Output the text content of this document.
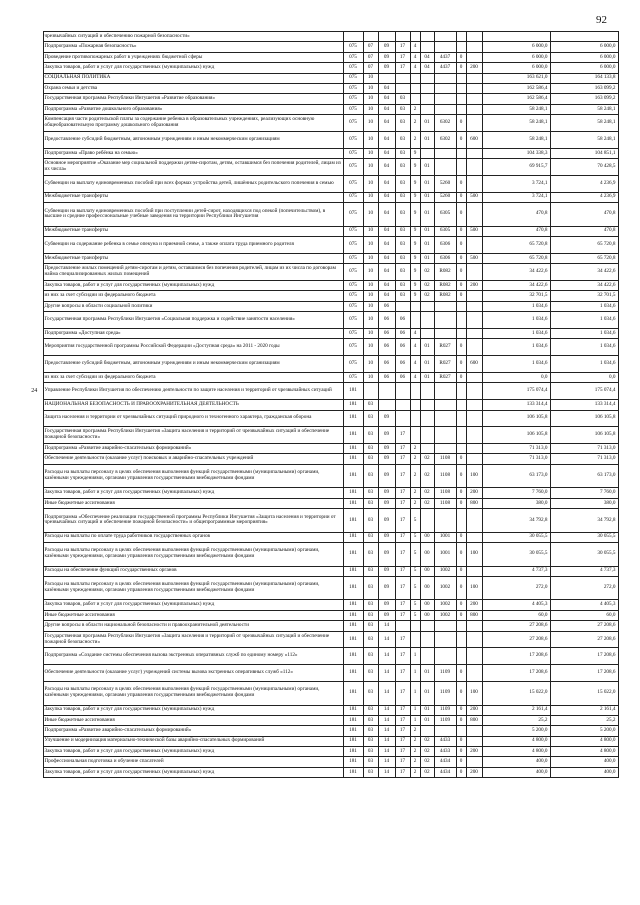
92
	чрезвычайных ситуаций и обеспечению пожарной безопасности»											
	Подпрограмма «Пожарная безопасность»	075	07	09	17	4					6 000,0	6 000,0
	Проведение противопожарных работ в учреждениях бюджетной сферы	075	07	09	17	4	04	4437	0		6 000,0	6 000,0
	Закупка товаров, работ и услуг для государственных (муниципальных) нужд	075	07	09	17	4	04	4437	0	200	6 000,0	6 000,0
	СОЦИАЛЬНАЯ ПОЛИТИКА	075	10								163 621,0	164 133,8
	Охрана семьи и детства	075	10	04							162 586,4	163 099,2
	Государственная программа Республики Ингушетия «Развитие образования»	075	10	04	03						162 586,4	163 099,2
	Подпрограмма «Развитие дошкольного образования»	075	10	04	03	2					58 248,1	58 248,1
	Компенсация части родительской платы за содержание ребенка в образовательных учреждениях, реализующих основную общеобразовательную программу дошкольного образования	075	10	04	03	2	01	6302	0		58 248,1	58 248,1
	Предоставление субсидий бюджетным, автономным учреждениям и иным некоммерческим организациям	075	10	04	03	2	01	6302	0	600	58 248,1	58 248,1
	Подпрограмма «Право ребёнка на семью»	075	10	04	03	9					104 338,3	104 851,1
	Основное мероприятие «Оказание мер социальной поддержки детям-сиротам, детям, оставшимся без попечения родителей, лицам из их числа»	075	10	04	03	9	01				69 915,7	70 428,5
	Субвенции на выплату единовременных пособий при всех формах устройства детей, лишённых родительского попечения в семью	075	10	04	03	9	01	5260	0		3 724,1	4 236,9
	Межбюджетные трансферты	075	10	04	03	9	01	5260	0	500	3 724,1	4 236,9
	Субвенции на выплату единовременных пособий при поступлении детей-сирот, находящихся под опекой (попечительством), в высшие и средние профессиональные учебные заведения на территории Республики Ингушетия	075	10	04	03	9	01	6305	0		470,8	470,8
	Межбюджетные трансферты	075	10	04	03	9	01	6305	0	500	470,8	470,8
	Субвенции на содержание ребенка в семье опекуна и приемной семье, а также оплата труда приемного родителя	075	10	04	03	9	01	6306	0		65 720,8	65 720,8
	Межбюджетные трансферты	075	10	04	03	9	01	6306	0	500	65 720,8	65 720,8
	Предоставление жилых помещений детям-сиротам и детям, оставшимся без попечения родителей, лицам из их числа по договорам найма специализированных жилых помещений	075	10	04	03	9	02	R082	0		34 422,6	34 422,6
	Закупка товаров, работ и услуг для государственных (муниципальных) нужд	075	10	04	03	9	02	R082	0	200	34 422,6	34 422,6
	из них за счет субсидии из федерального бюджета	075	10	04	03	9	02	R082	0		32 701,5	32 701,5
	Другие вопросы в области социальной политики	075	10	06							1 034,6	1 034,6
	Государственная программа Республики Ингушетия «Социальная поддержка и содействие занятости населения»	075	10	06	06						1 034,6	1 034,6
	Подпрограмма «Доступная среда»	075	10	06	06	4					1 034,6	1 034,6
	Мероприятия государственной программы Российской Федерации «Доступная среда» на 2011 - 2020 годы	075	10	06	06	4	01	R027	0		1 034,6	1 034,6
	Предоставление субсидий бюджетным, автономным учреждениям и иным некоммерческим организациям	075	10	06	06	4	01	R027	0	600	1 034,6	1 034,6
	из них за счет субсидии из федерального бюджета	075	10	06	06	4	01	R027	0		0,0	0,0
24	Управление Республики Ингушетия по обеспечению деятельности по защите населения и территорий от чрезвычайных ситуаций	181									175 074,4	175 074,4
	НАЦИОНАЛЬНАЯ БЕЗОПАСНОСТЬ И ПРАВООХРАНИТЕЛЬНАЯ ДЕЯТЕЛЬНОСТЬ	181	03								133 314,4	133 314,4
	Защита населения и территории от чрезвычайных ситуаций природного и техногенного характера, гражданская оборона	181	03	09							106 105,8	106 105,8
	Государственная программа Республики Ингушетия «Защита населения и территорий от чрезвычайных ситуаций и обеспечение пожарной безопасности»	181	03	09	17						106 105,8	106 105,8
	Подпрограмма «Развитие аварийно-спасательных формирований»	181	03	09	17	2					71 313,0	71 313,0
	Обеспечение деятельности (оказание услуг) поисковых и аварийно-спасательных учреждений	181	03	09	17	2	02	1108	0		71 313,0	71 313,0
	Расходы на выплаты персоналу в целях обеспечения выполнения функций государственными (муниципальными) органами, казёнными учреждениями, органами управления государственными внебюджетными фондами	181	03	09	17	2	02	1108	0	100	63 173,0	63 173,0
	Закупка товаров, работ и услуг для государственных (муниципальных) нужд	181	03	09	17	2	02	1108	0	200	7 760,0	7 760,0
	Иные бюджетные ассигнования	181	03	09	17	2	02	1108	0	800	380,0	380,0
	Подпрограмма «Обеспечение реализации государственной программы Республики Ингушетия «Защита населения и территории от чрезвычайных ситуаций и обеспечение пожарной безопасности» и общепрограммные мероприятия»	181	03	09	17	5					34 792,8	34 792,8
	Расходы на выплаты по оплате труда работников государственных органов	181	03	09	17	5	00	1001	0		30 055,5	30 055,5
	Расходы на выплаты персоналу в целях обеспечения выполнения функций государственными (муниципальными) органами, казёнными учреждениями, органами управления государственными внебюджетными фондами	181	03	09	17	5	00	1001	0	100	30 055,5	30 055,5
	Расходы на обеспечение функций государственных органов	181	03	09	17	5	00	1002	0		4 737,3	4 737,3
	Расходы на выплаты персоналу в целях обеспечения выполнения функций государственными (муниципальными) органами, казёнными учреждениями, органами управления государственными внебюджетными фондами	181	03	09	17	5	00	1002	0	100	272,0	272,0
	Закупка товаров, работ и услуг для государственных (муниципальных) нужд	181	03	09	17	5	00	1002	0	200	4 405,3	4 405,3
	Иные бюджетные ассигнования	181	03	09	17	5	00	1002	0	800	60,0	60,0
	Другие вопросы в области национальной безопасности и правоохранительной деятельности	181	03	14							27 208,6	27 208,6
	Государственная программа Республики Ингушетия «Защита населения и территорий от чрезвычайных ситуаций и обеспечение пожарной безопасности»	181	03	14	17						27 208,6	27 208,6
	Подпрограмма «Создание системы обеспечения вызова экстренных оперативных служб по единому номеру «112»	181	03	14	17	1					17 208,6	17 208,6
	Обеспечение деятельности (оказание услуг) учреждений системы вызова экстренных оперативных служб «112»	181	03	14	17	1	01	1109	0		17 208,6	17 208,6
	Расходы на выплаты персоналу в целях обеспечения выполнения функций государственными (муниципальными) органами, казёнными учреждениями, органами управления государственными внебюджетными фондами	181	03	14	17	1	01	1109	0	100	15 022,0	15 022,0
	Закупка товаров, работ и услуг для государственных (муниципальных) нужд	181	03	14	17	1	01	1109	0	200	2 161,4	2 161,4
	Иные бюджетные ассигнования	181	03	14	17	1	01	1109	0	800	25,2	25,2
	Подпрограмма «Развитие аварийно-спасательных формирований»	181	03	14	17	2					5 200,0	5 200,0
	Улучшение и модернизация материально-технической базы аварийно-спасательных формирований	181	03	14	17	2	02	4433	0		4 800,0	4 800,0
	Закупка товаров, работ и услуг для государственных (муниципальных) нужд	181	03	14	17	2	02	4433	0	200	4 800,0	4 800,0
	Профессиональная подготовка и обучение спасателей	181	03	14	17	2	02	4434	0		400,0	400,0
	Закупка товаров, работ и услуг для государственных (муниципальных) нужд	181	03	14	17	2	02	4434	0	200	400,0	400,0
